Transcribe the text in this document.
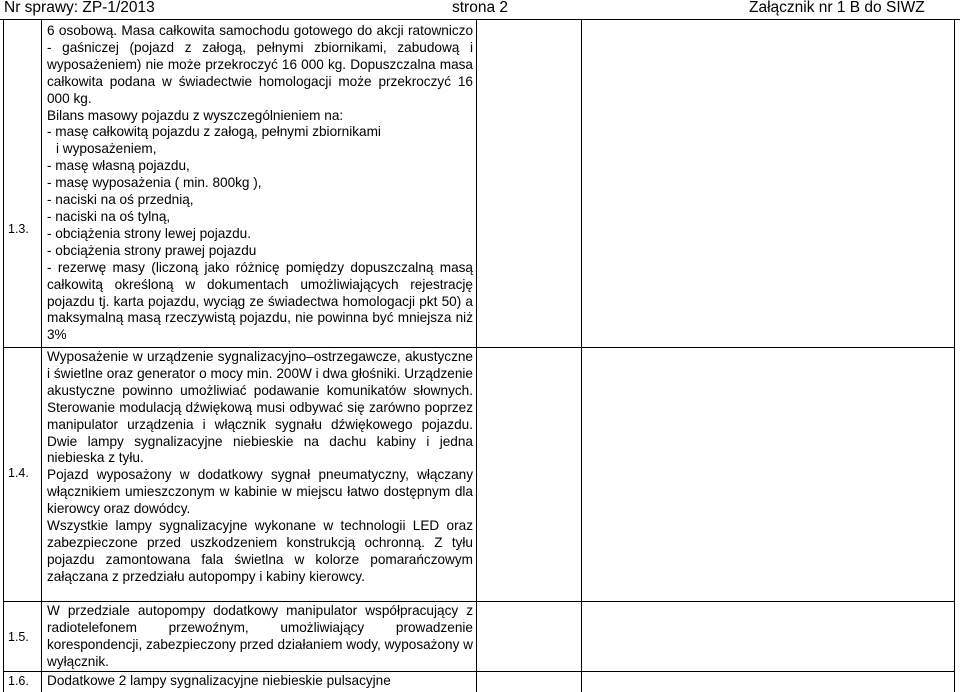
Nr sprawy: ZP-1/2013	strona 2	Załącznik nr 1 B do SIWZ
1.3.

6 osobową. Masa całkowita samochodu gotowego do akcji ratowniczo - gaśniczej (pojazd z załogą, pełnymi zbiornikami, zabudową i wyposażeniem) nie może przekroczyć 16 000 kg. Dopuszczalna masa całkowita podana w świadectwie homologacji może przekroczyć 16 000 kg.

Bilans masowy pojazdu z wyszczególnieniem na:

- masę całkowitą pojazdu z załogą, pełnymi zbiornikami

i wyposażeniem,

- masę własną pojazdu,

- masę wyposażenia ( min. 800kg ),

- naciski na oś przednią,

- naciski na oś tylną,

- obciążenia strony lewej pojazdu.

- obciążenia strony prawej pojazdu

- rezerwę masy (liczoną jako różnicę pomiędzy dopuszczalną masą całkowitą określoną w dokumentach umożliwiających rejestrację pojazdu tj. karta pojazdu, wyciąg ze świadectwa homologacji pkt 50) a maksymalną masą rzeczywistą pojazdu, nie powinna być mniejsza niż 3%

1.4.

Wyposażenie w urządzenie sygnalizacyjno–ostrzegawcze, akustyczne i świetlne oraz generator o mocy min. 200W i dwa głośniki. Urządzenie akustyczne powinno umożliwiać podawanie komunikatów słownych. Sterowanie modulacją dźwiękową musi odbywać się zarówno poprzez manipulator urządzenia i włącznik sygnału dźwiękowego pojazdu. Dwie lampy sygnalizacyjne niebieskie na dachu kabiny i jedna niebieska z tyłu.

Pojazd wyposażony w dodatkowy sygnał pneumatyczny, włączany włącznikiem umieszczonym w kabinie w miejscu łatwo dostępnym dla kierowcy oraz dowódcy.

Wszystkie lampy sygnalizacyjne wykonane w technologii LED oraz zabezpieczone przed uszkodzeniem konstrukcją ochronną. Z tyłu pojazdu zamontowana fala świetlna w kolorze pomarańczowym załączana z przedziału autopompy i kabiny kierowcy.

1.5.

W przedziale autopompy dodatkowy manipulator współpracujący z radiotelefonem przewoźnym, umożliwiający prowadzenie korespondencji, zabezpieczony przed działaniem wody, wyposażony w wyłącznik.

1.6. Dodatkowe 2 lampy sygnalizacyjne niebieskie pulsacyjne
